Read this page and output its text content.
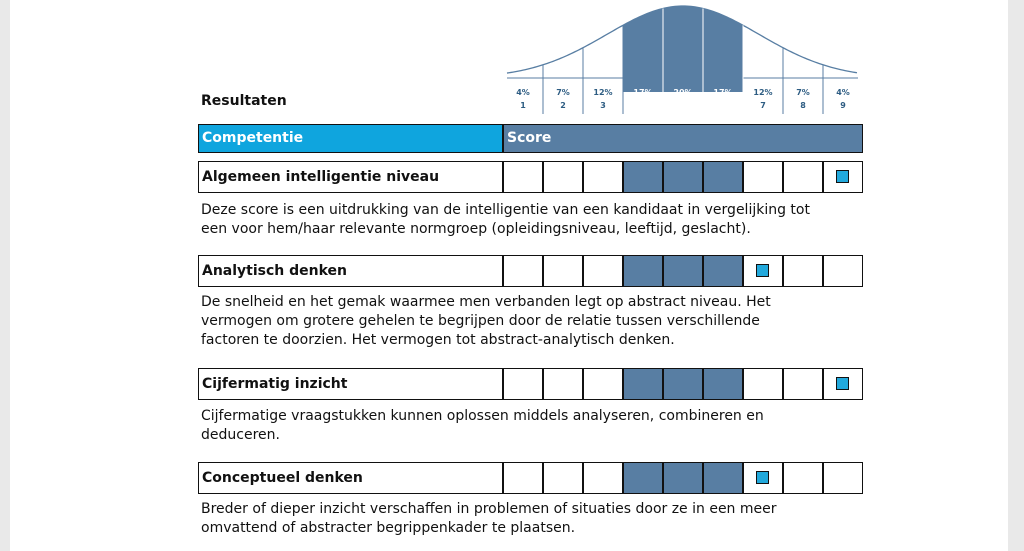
4%
1
7%
2
12%
3
17%
4
20%
5
17%
6
12%
7
7%
8
4%
9
Resultaten
Competentie	Score
Algemeen intelligentie niveau
Deze score is een uitdrukking van de intelligentie van een kandidaat in vergelijking tot
een voor hem/haar relevante normgroep (opleidingsniveau, leeftijd, geslacht).
Analytisch denken
De snelheid en het gemak waarmee men verbanden legt op abstract niveau. Het
vermogen om grotere gehelen te begrijpen door de relatie tussen verschillende
factoren te doorzien. Het vermogen tot abstract-analytisch denken.
Cijfermatig inzicht
Cijfermatige vraagstukken kunnen oplossen middels analyseren, combineren en
deduceren.
Conceptueel denken
Breder of dieper inzicht verschaffen in problemen of situaties door ze in een meer
omvattend of abstracter begrippenkader te plaatsen.
